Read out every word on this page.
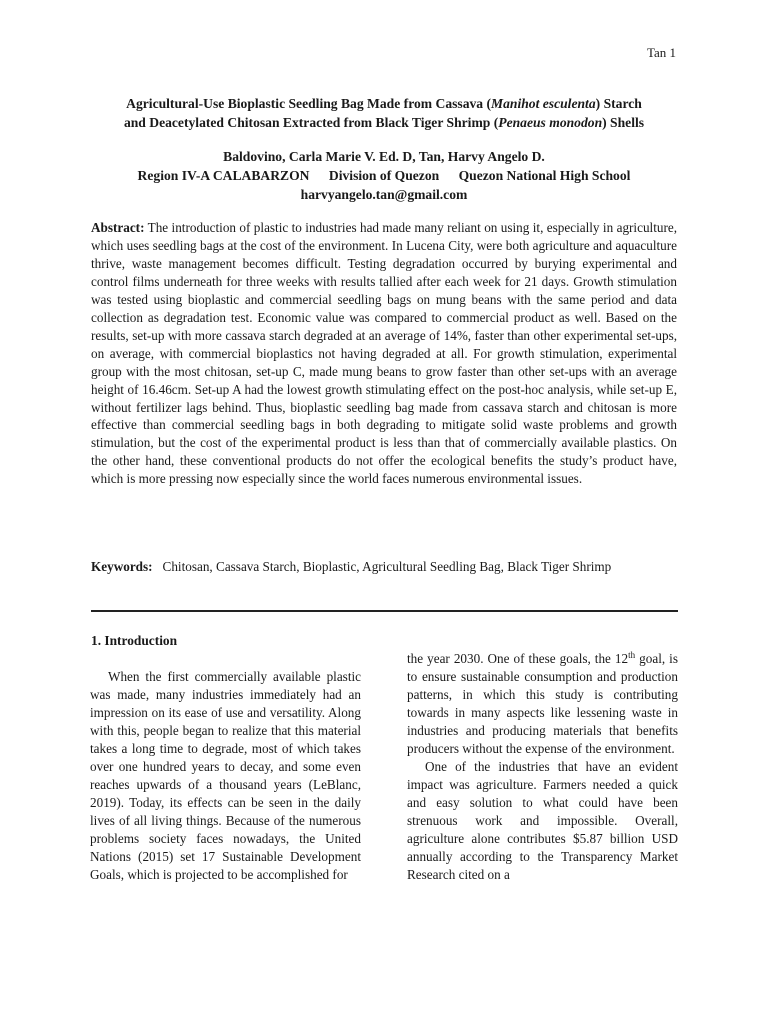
Tan 1
Agricultural-Use Bioplastic Seedling Bag Made from Cassava (Manihot esculenta) Starch
and Deacetylated Chitosan Extracted from Black Tiger Shrimp (Penaeus monodon) Shells
Baldovino, Carla Marie V. Ed. D, Tan, Harvy Angelo D.
Region IV-A CALABARZON Division of Quezon Quezon National High School
harvyangelo.tan@gmail.com
Abstract: The introduction of plastic to industries had made many reliant on using it, especially in agriculture, which uses seedling bags at the cost of the environment. In Lucena City, were both agriculture and aquaculture thrive, waste management becomes difficult. Testing degradation occurred by burying experimental and control films underneath for three weeks with results tallied after each week for 21 days. Growth stimulation was tested using bioplastic and commercial seedling bags on mung beans with the same period and data collection as degradation test. Economic value was compared to commercial product as well. Based on the results, set-up with more cassava starch degraded at an average of 14%, faster than other experimental set-ups, on average, with commercial bioplastics not having degraded at all. For growth stimulation, experimental group with the most chitosan, set-up C, made mung beans to grow faster than other set-ups with an average height of 16.46cm. Set-up A had the lowest growth stimulating effect on the post-hoc analysis, while set-up E, without fertilizer lags behind. Thus, bioplastic seedling bag made from cassava starch and chitosan is more effective than commercial seedling bags in both degrading to mitigate solid waste problems and growth stimulation, but the cost of the experimental product is less than that of commercially available plastics. On the other hand, these conventional products do not offer the ecological benefits the study’s product have, which is more pressing now especially since the world faces numerous environmental issues.
Keywords: Chitosan, Cassava Starch, Bioplastic, Agricultural Seedling Bag, Black Tiger Shrimp
1. Introduction

When the first commercially available plastic was made, many industries immediately had an impression on its ease of use and versatility. Along with this, people began to realize that this material takes a long time to degrade, most of which takes over one hundred years to decay, and some even reaches upwards of a thousand years (LeBlanc, 2019). Today, its effects can be seen in the daily lives of all living things. Because of the numerous problems society faces nowadays, the United Nations (2015) set 17 Sustainable Development Goals, which is projected to be accomplished for

the year 2030. One of these goals, the 12th goal, is to ensure sustainable consumption and production patterns, in which this study is contributing towards in many aspects like lessening waste in industries and producing materials that benefits producers without the expense of the environment.

One of the industries that have an evident impact was agriculture. Farmers needed a quick and easy solution to what could have been strenuous work and impossible. Overall, agriculture alone contributes $5.87 billion USD annually according to the Transparency Market Research cited on a
